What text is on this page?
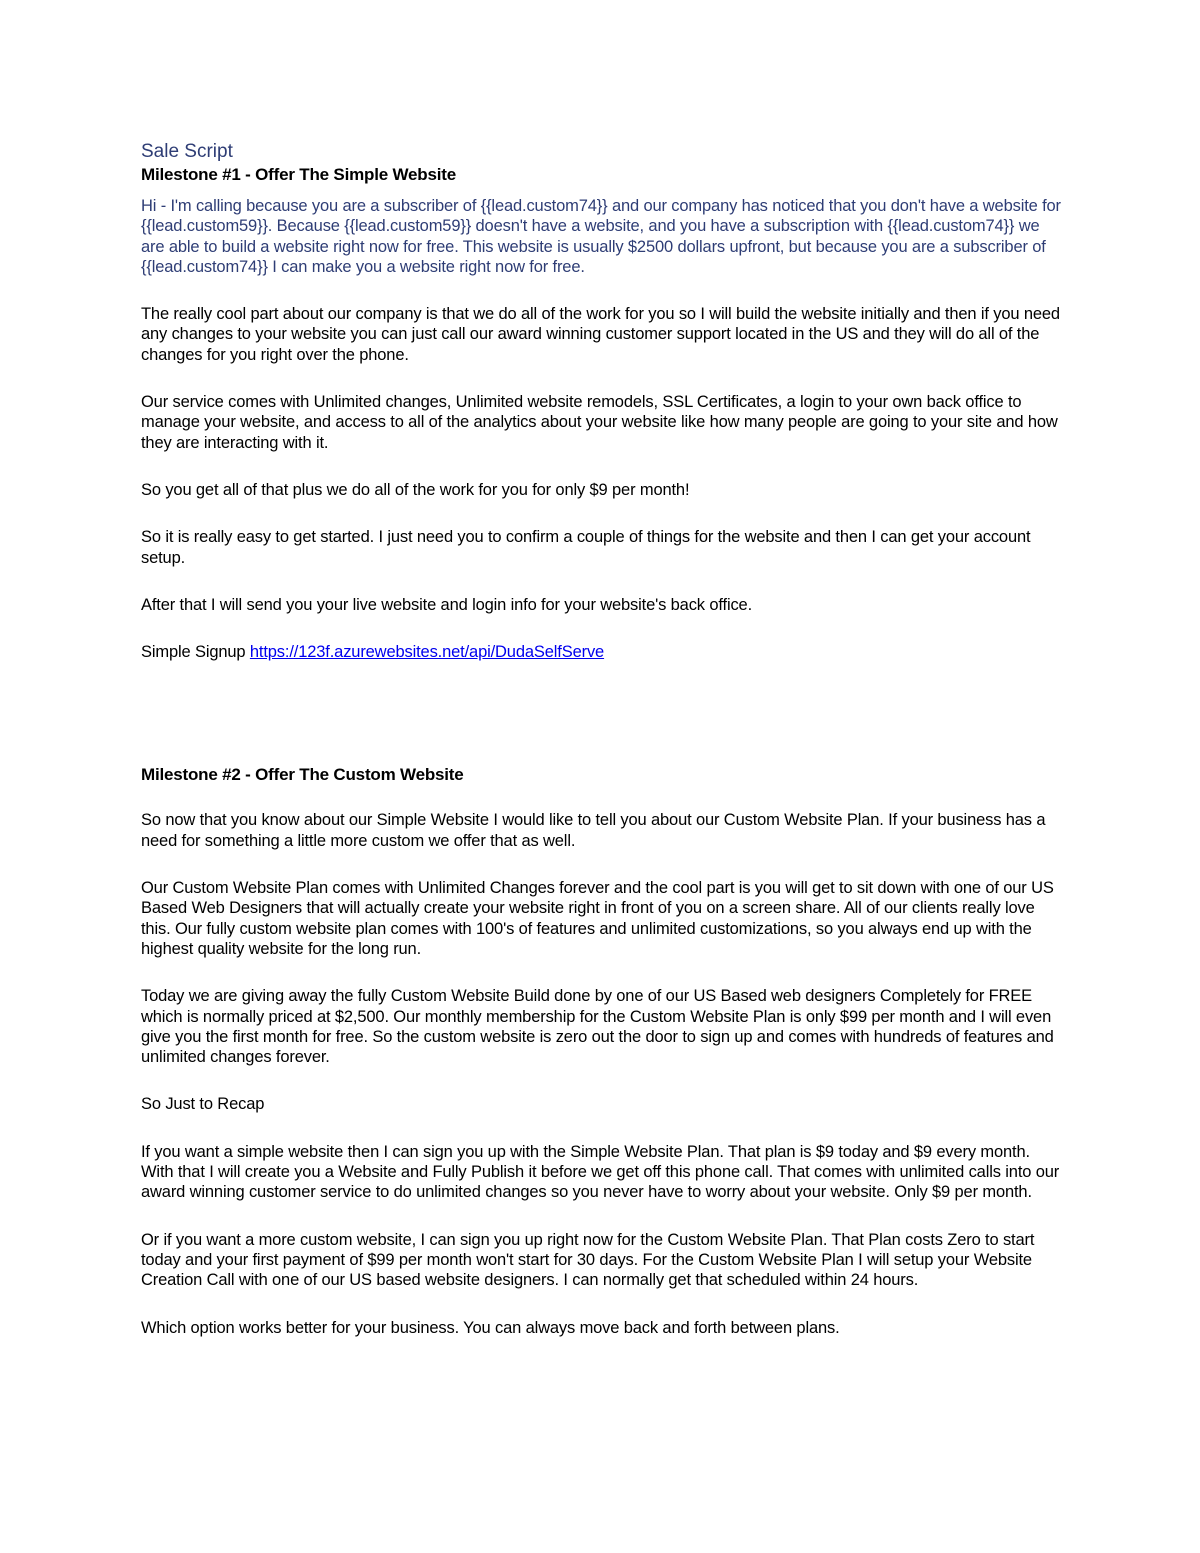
Sale Script

Milestone #1 - Offer The Simple Website

Hi - I'm calling because you are a subscriber of {{lead.custom74}} and our company has noticed that you don't have a website for {{lead.custom59}}. Because {{lead.custom59}} doesn't have a website, and you have a subscription with {{lead.custom74}} we are able to build a website right now for free. This website is usually $2500 dollars upfront, but because you are a subscriber of {{lead.custom74}} I can make you a website right now for free.

The really cool part about our company is that we do all of the work for you so I will build the website initially and then if you need any changes to your website you can just call our award winning customer support located in the US and they will do all of the changes for you right over the phone.

Our service comes with Unlimited changes, Unlimited website remodels, SSL Certificates, a login to your own back office to manage your website, and access to all of the analytics about your website like how many people are going to your site and how they are interacting with it.

So you get all of that plus we do all of the work for you for only $9 per month!

So it is really easy to get started. I just need you to confirm a couple of things for the website and then I can get your account setup.

After that I will send you your live website and login info for your website's back office.

Simple Signup https://123f.azurewebsites.net/api/DudaSelfServe

Milestone #2 - Offer The Custom Website

So now that you know about our Simple Website I would like to tell you about our Custom Website Plan. If your business has a need for something a little more custom we offer that as well.

Our Custom Website Plan comes with Unlimited Changes forever and the cool part is you will get to sit down with one of our US Based Web Designers that will actually create your website right in front of you on a screen share. All of our clients really love this. Our fully custom website plan comes with 100's of features and unlimited customizations, so you always end up with the highest quality website for the long run.

Today we are giving away the fully Custom Website Build done by one of our US Based web designers Completely for FREE which is normally priced at $2,500. Our monthly membership for the Custom Website Plan is only $99 per month and I will even give you the first month for free. So the custom website is zero out the door to sign up and comes with hundreds of features and unlimited changes forever.

So Just to Recap

If you want a simple website then I can sign you up with the Simple Website Plan. That plan is $9 today and $9 every month. With that I will create you a Website and Fully Publish it before we get off this phone call. That comes with unlimited calls into our award winning customer service to do unlimited changes so you never have to worry about your website. Only $9 per month.

Or if you want a more custom website, I can sign you up right now for the Custom Website Plan. That Plan costs Zero to start today and your first payment of $99 per month won't start for 30 days. For the Custom Website Plan I will setup your Website Creation Call with one of our US based website designers. I can normally get that scheduled within 24 hours.

Which option works better for your business. You can always move back and forth between plans.
